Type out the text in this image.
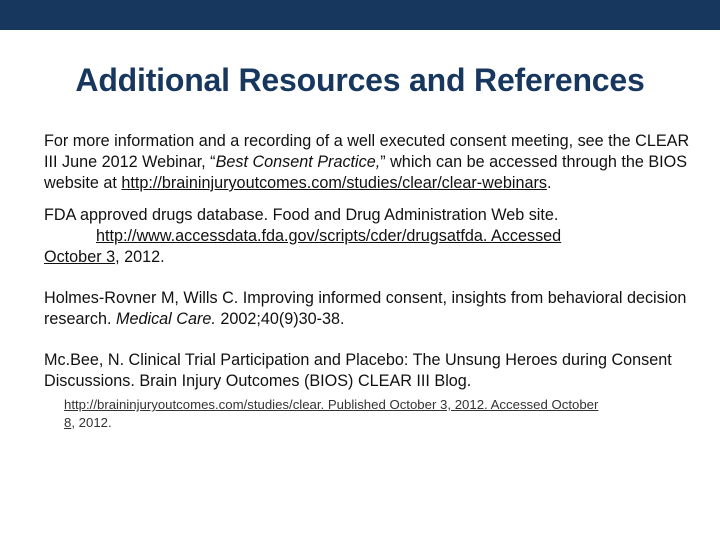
Additional Resources and References

For more information and a recording of a well executed consent meeting, see the CLEAR III June 2012 Webinar, “Best Consent Practice,” which can be accessed through the BIOS website at http://braininjuryoutcomes.com/studies/clear/clear-webinars.

FDA approved drugs database. Food and Drug Administration Web site.
http://www.accessdata.fda.gov/scripts/cder/drugsatfda. Accessed
October 3, 2012.

Holmes-Rovner M, Wills C. Improving informed consent, insights from behavioral decision research. Medical Care. 2002;40(9)30-38.

Mc.Bee, N. Clinical Trial Participation and Placebo: The Unsung Heroes during Consent Discussions. Brain Injury Outcomes (BIOS) CLEAR III Blog.

http://braininjuryoutcomes.com/studies/clear. Published October 3, 2012. Accessed October
8, 2012.
